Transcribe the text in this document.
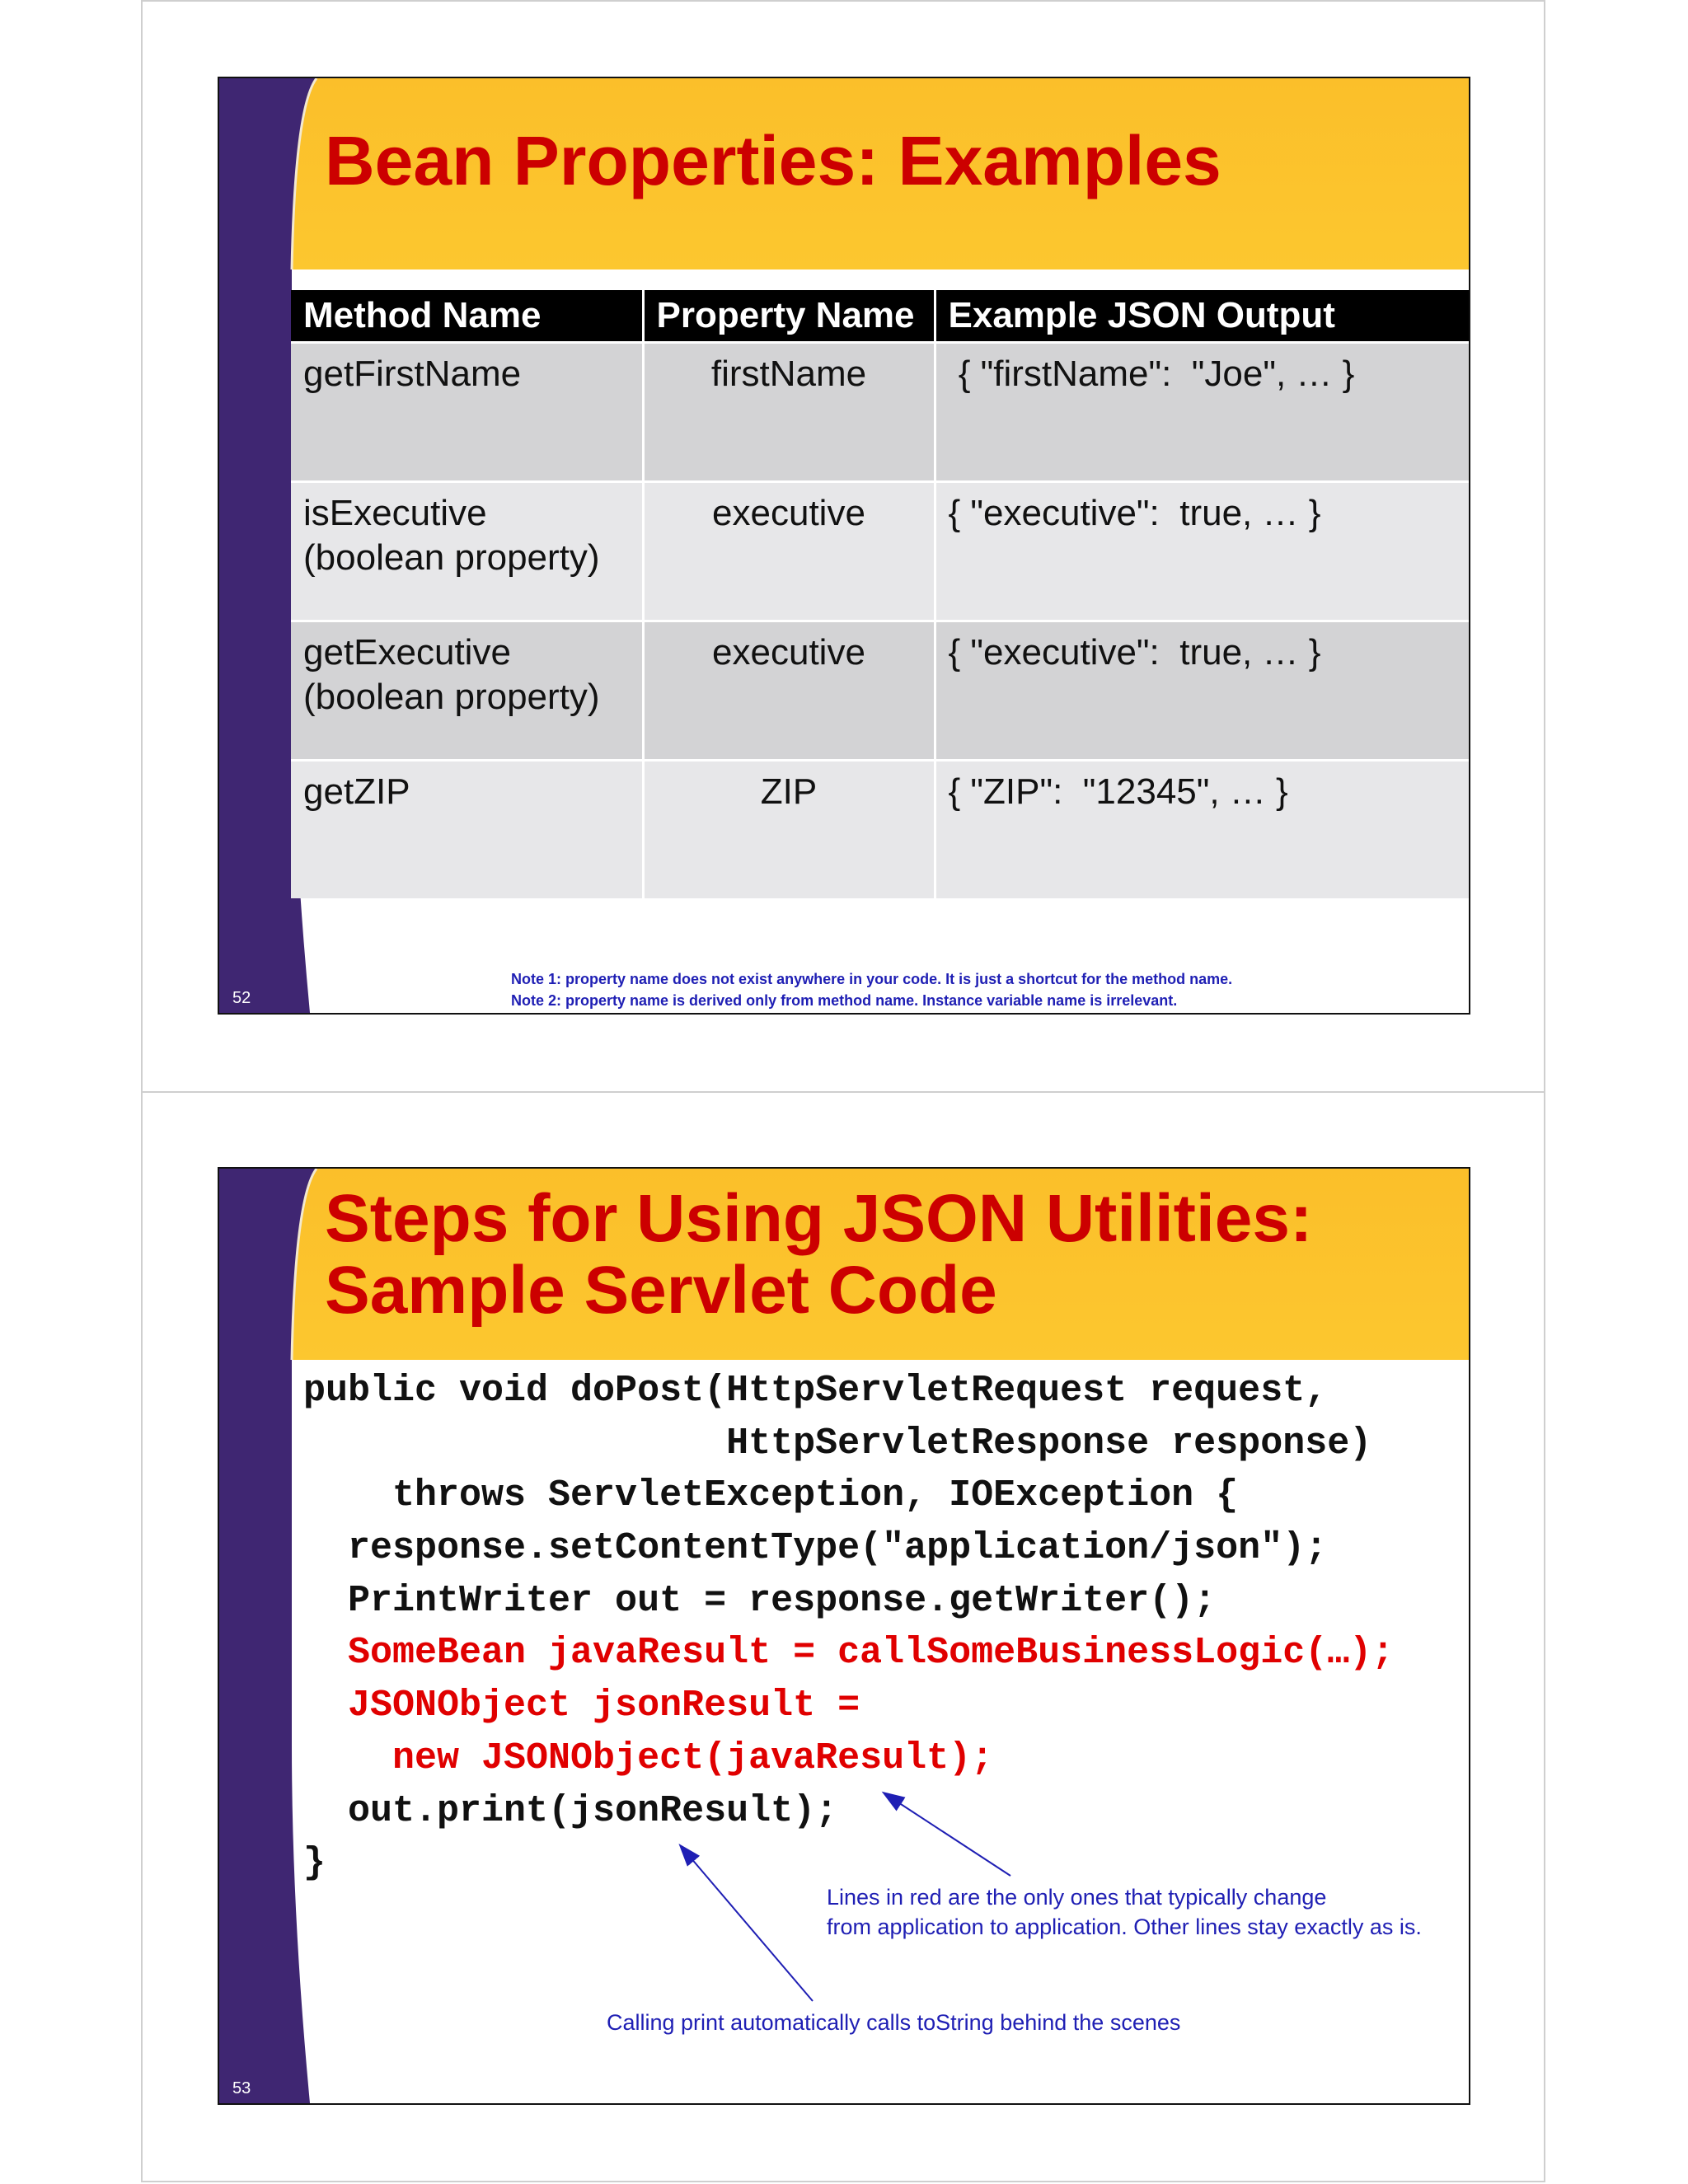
Bean Properties: Examples
Method Name	Property Name	Example JSON Output
getFirstName	firstName	{ "firstName":  "Joe", … }
isExecutive
(boolean property)	executive	{ "executive":  true, … }
getExecutive
(boolean property)	executive	{ "executive":  true, … }
getZIP	ZIP	{ "ZIP":  "12345", … }
Note 1: property name does not exist anywhere in your code. It is just a shortcut for the method name.
Note 2: property name is derived only from method name. Instance variable name is irrelevant.
52
Steps for Using JSON Utilities:
Sample Servlet Code
public void doPost(HttpServletRequest request,
HttpServletResponse response)
throws ServletException, IOException {
response.setContentType("application/json");
PrintWriter out = response.getWriter();
SomeBean javaResult = callSomeBusinessLogic(…);
JSONObject jsonResult =
new JSONObject(javaResult);
out.print(jsonResult);
}
Lines in red are the only ones that typically change
from application to application. Other lines stay exactly as is.
Calling print automatically calls toString behind the scenes
53
